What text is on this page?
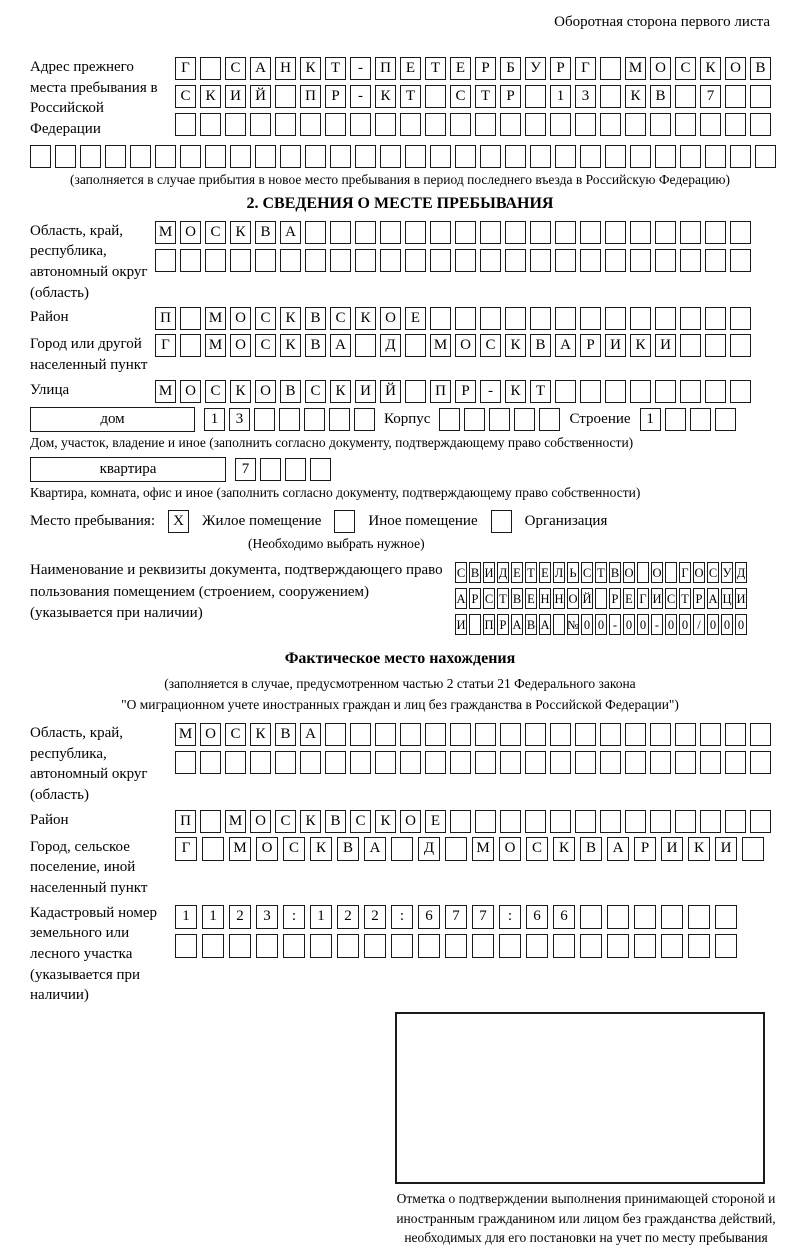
Оборотная сторона первого листа
Адрес прежнего места пребывания в Российской Федерации
Г	С А Н К	Т	-	П Е	Т	Е	Р	Б	У	Р	Г	М О С К О В
С К И Й	П	Р	-	К	Т	С	Т	Р	1	3	К В	7
(заполняется в случае прибытия в новое место пребывания в период последнего въезда в Российскую Федерацию)
2. СВЕДЕНИЯ О МЕСТЕ ПРЕБЫВАНИЯ
Область, край, республика, автономный округ (область)
М О С К В А
Район	П	М О С К В С К О Е
Город или другой населенный пункт
Г	М О С К В А	Д	М О С К В А	Р	И К И
Улица	М О С К О В С К И Й	П	Р	-	К	Т
дом	1	3	Корпус	Строение	1
Дом, участок, владение и иное (заполнить согласно документу, подтверждающему право собственности)
квартира	7
Квартира, комната, офис и иное (заполнить согласно документу, подтверждающему право собственности)
Место пребывания:	X	Жилое помещение	Иное помещение	Организация
(Необходимо выбрать нужное)
Наименование и реквизиты документа, подтверждающего право пользования помещением (строением, сооружением) (указывается при наличии)
С В И Д Е Т Е Л Ь С Т В О О Г О С У Д
А Р С Т В Е Н Н О Й Р Е Г И С Т Р А Ц И
И П Р А В А № 0 0 - 0 0 - 0 0 / 0 0 0
Фактическое место нахождения
(заполняется в случае, предусмотренном частью 2 статьи 21 Федерального закона
"О миграционном учете иностранных граждан и лиц без гражданства в Российской Федерации")
Область, край, республика, автономный округ (область)
М О С К В А
Район	П	М О С К В С К О Е
Город, сельское поселение, иной населенный пункт
Г	М О	С	К	В	А	Д	М О	С	К	В	А	Р	И	К	И
Кадастровый номер земельного или лесного участка (указывается при наличии)
1	1	2	3	:	1	2	2	:	6	7	7	:	6	6
Отметка о подтверждении выполнения принимающей стороной и иностранным гражданином или лицом без гражданства действий, необходимых для его постановки на учет по месту пребывания
